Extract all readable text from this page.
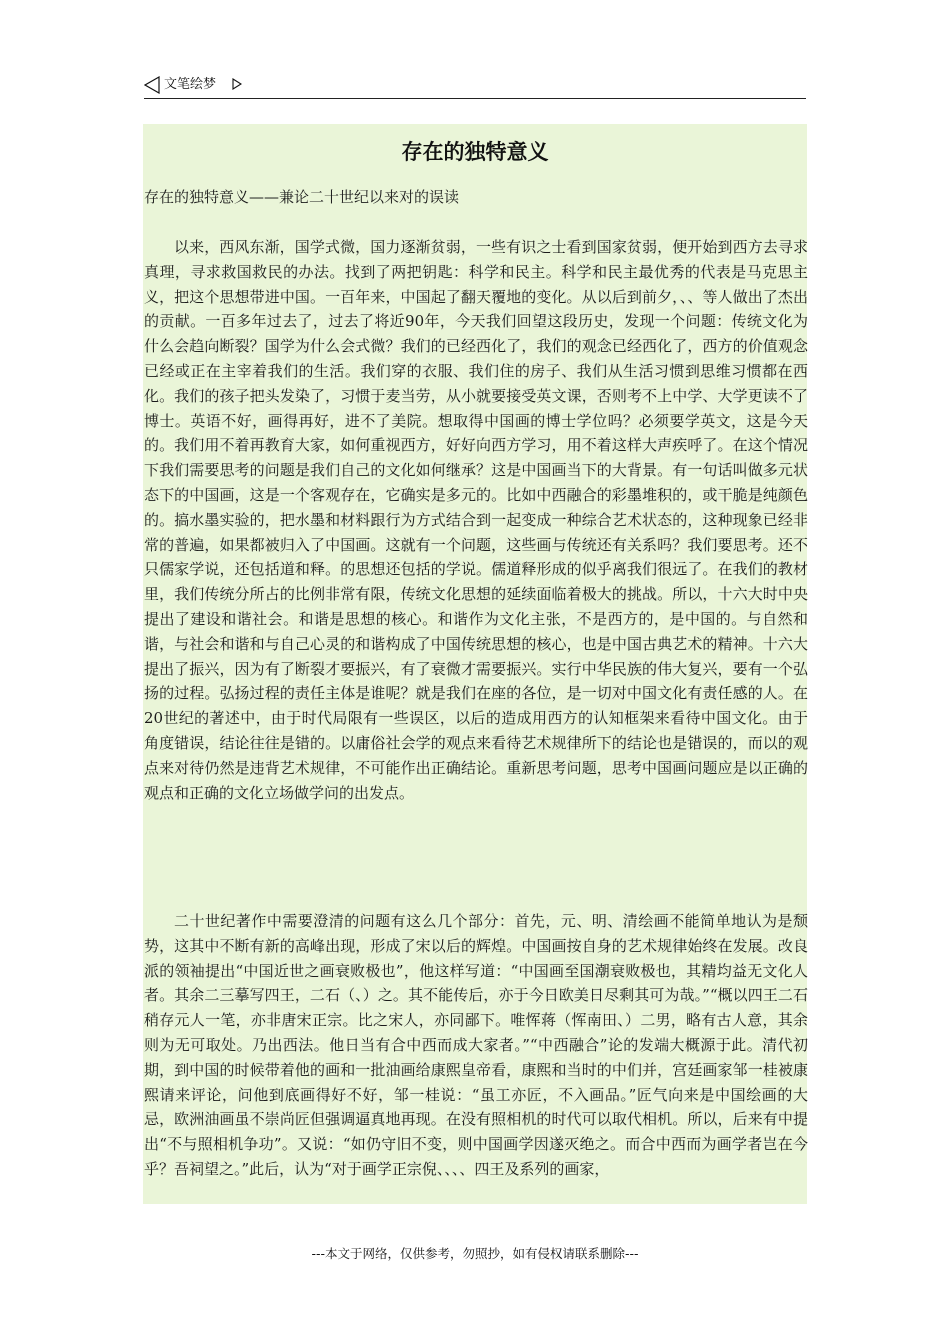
文笔绘梦
存在的独特意义

存在的独特意义——兼论二十世纪以来对的误读

以来，西风东渐，国学式微，国力逐渐贫弱，一些有识之士看到国家贫弱，便开始到西方去寻求真理，寻求救国救民的办法。找到了两把钥匙：科学和民主。科学和民主最优秀的代表是马克思主义，把这个思想带进中国。一百年来，中国起了翻天覆地的变化。从以后到前夕，、、等人做出了杰出的贡献。一百多年过去了，过去了将近90年，今天我们回望这段历史，发现一个问题：传统文化为什么会趋向断裂？国学为什么会式微？我们的已经西化了，我们的观念已经西化了，西方的价值观念已经或正在主宰着我们的生活。我们穿的衣服、我们住的房子、我们从生活习惯到思维习惯都在西化。我们的孩子把头发染了，习惯于麦当劳，从小就要接受英文课，否则考不上中学、大学更读不了博士。英语不好，画得再好，进不了美院。想取得中国画的博士学位吗？必须要学英文，这是今天的。我们用不着再教育大家，如何重视西方，好好向西方学习，用不着这样大声疾呼了。在这个情况下我们需要思考的问题是我们自己的文化如何继承？这是中国画当下的大背景。有一句话叫做多元状态下的中国画，这是一个客观存在，它确实是多元的。比如中西融合的彩墨堆积的，或干脆是纯颜色的。搞水墨实验的，把水墨和材料跟行为方式结合到一起变成一种综合艺术状态的，这种现象已经非常的普遍，如果都被归入了中国画。这就有一个问题，这些画与传统还有关系吗？我们要思考。还不只儒家学说，还包括道和释。的思想还包括的学说。儒道释形成的似乎离我们很远了。在我们的教材里，我们传统分所占的比例非常有限，传统文化思想的延续面临着极大的挑战。所以，十六大时中央提出了建设和谐社会。和谐是思想的核心。和谐作为文化主张，不是西方的，是中国的。与自然和谐，与社会和谐和与自己心灵的和谐构成了中国传统思想的核心，也是中国古典艺术的精神。十六大提出了振兴，因为有了断裂才要振兴，有了衰微才需要振兴。实行中华民族的伟大复兴，要有一个弘扬的过程。弘扬过程的责任主体是谁呢？就是我们在座的各位，是一切对中国文化有责任感的人。在20世纪的著述中，由于时代局限有一些误区，以后的造成用西方的认知框架来看待中国文化。由于角度错误，结论往往是错的。以庸俗社会学的观点来看待艺术规律所下的结论也是错误的，而以的观点来对待仍然是违背艺术规律，不可能作出正确结论。重新思考问题，思考中国画问题应是以正确的观点和正确的文化立场做学问的出发点。

二十世纪著作中需要澄清的问题有这么几个部分：首先，元、明、清绘画不能简单地认为是颓势，这其中不断有新的高峰出现，形成了宋以后的辉煌。中国画按自身的艺术规律始终在发展。改良派的领袖提出“中国近世之画衰败极也”，他这样写道：“中国画至国潮衰败极也，其精均益无文化人者。其余二三摹写四王，二石（、）之。其不能传后，亦于今日欧美日尽剩其可为哉。”“概以四王二石稍存元人一笔，亦非唐宋正宗。比之宋人，亦同鄙下。唯恽蒋（恽南田、）二男，略有古人意，其余则为无可取处。乃出西法。他日当有合中西而成大家者。”“中西融合”论的发端大概源于此。清代初期，到中国的时候带着他的画和一批油画给康熙皇帝看，康熙和当时的中们并，宫廷画家邹一桂被康熙请来评论，问他到底画得好不好，邹一桂说：“虽工亦匠，不入画品。”匠气向来是中国绘画的大忌，欧洲油画虽不崇尚匠但强调逼真地再现。在没有照相机的时代可以取代相机。所以，后来有中提出“不与照相机争功”。又说：“如仍守旧不变，则中国画学因遂灭绝之。而合中西而为画学者岂在今乎？吾祠望之。”此后，认为“对于画学正宗倪、、、、四王及系列的画家，

---本文于网络，仅供参考，勿照抄，如有侵权请联系删除---
